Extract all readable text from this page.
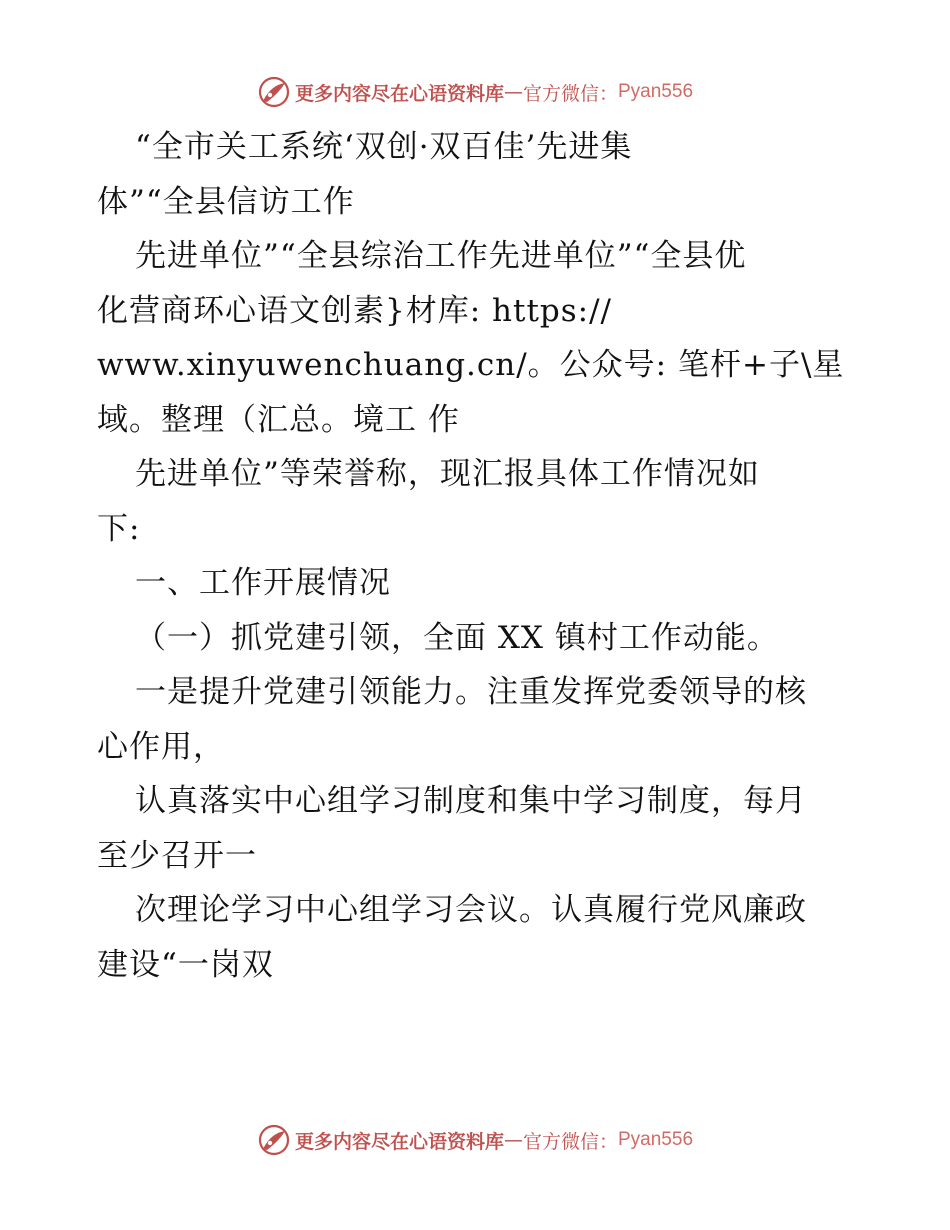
更多内容尽在心语资料库 — 官方微信： Pyan556
“全市关工系统‘双创·双百佳’先进集
体”“全县信访工作
先进单位”“全县综治工作先进单位”“全县优
化营商环心语文创素}材库: https://
www.xinyuwenchuang.cn/。公众号: 笔杆+子\星
域。整理（汇总。境工 作
先进单位”等荣誉称，现汇报具体工作情况如
下:
一、工作开展情况
（一）抓党建引领，全面 XX 镇村工作动能。
一是提升党建引领能力。注重发挥党委领导的核
心作用，
认真落实中心组学习制度和集中学习制度，每月
至少召开一
次理论学习中心组学习会议。认真履行党风廉政
建设“一岗双
更多内容尽在心语资料库 — 官方微信： Pyan556
